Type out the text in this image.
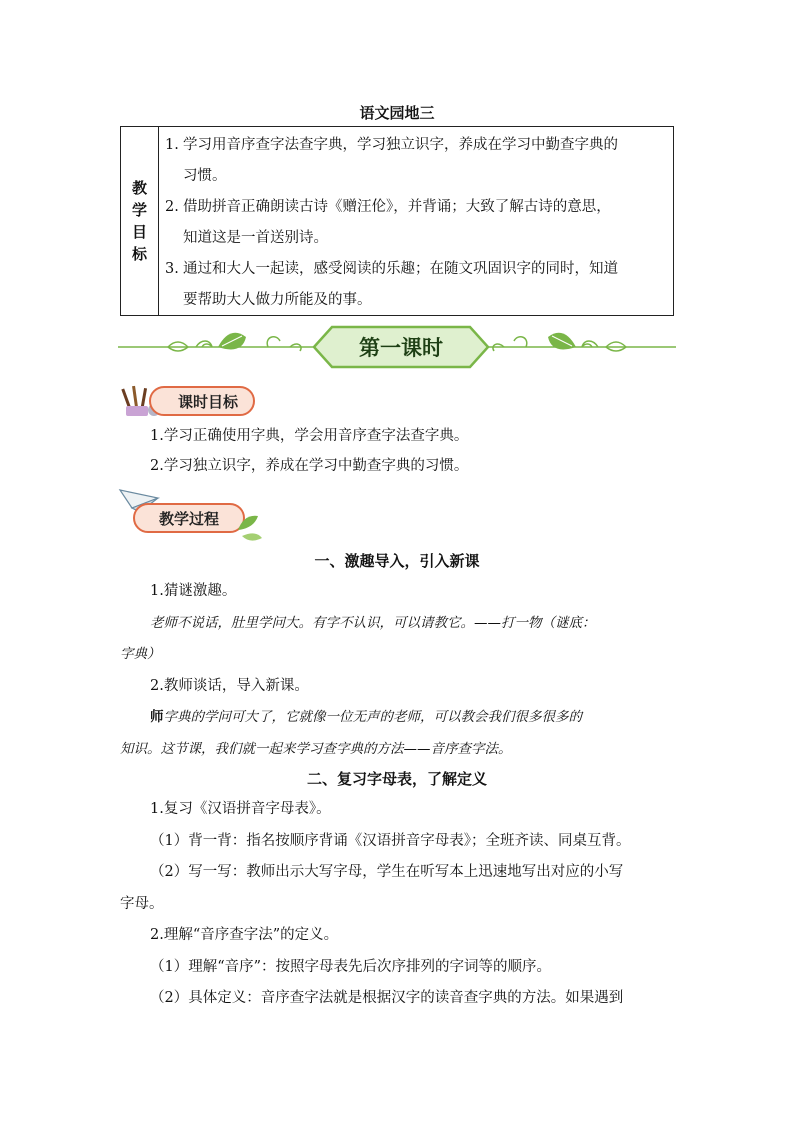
语文园地三
教
学
目
标
1. 学习用音序查字法查字典，学习独立识字，养成在学习中勤查字典的
习惯。
2. 借助拼音正确朗读古诗《赠汪伦》，并背诵；大致了解古诗的意思，
知道这是一首送别诗。
3. 通过和大人一起读，感受阅读的乐趣；在随文巩固识字的同时，知道
要帮助大人做力所能及的事。
第一课时
课时目标
教学过程
1.学习正确使用字典，学会用音序查字法查字典。
2.学习独立识字，养成在学习中勤查字典的习惯。
一、激趣导入，引入新课
1.猜谜激趣。
老师不说话，肚里学问大。有字不认识，可以请教它。——打一物（谜底：
字典）
2.教师谈话，导入新课。
师字典的学问可大了，它就像一位无声的老师，可以教会我们很多很多的
知识。这节课，我们就一起来学习查字典的方法——音序查字法。
二、复习字母表，了解定义
1.复习《汉语拼音字母表》。
（1）背一背：指名按顺序背诵《汉语拼音字母表》；全班齐读、同桌互背。
（2）写一写：教师出示大写字母，学生在听写本上迅速地写出对应的小写
字母。
2.理解“音序查字法”的定义。
（1）理解“音序”：按照字母表先后次序排列的字词等的顺序。
（2）具体定义：音序查字法就是根据汉字的读音查字典的方法。如果遇到
